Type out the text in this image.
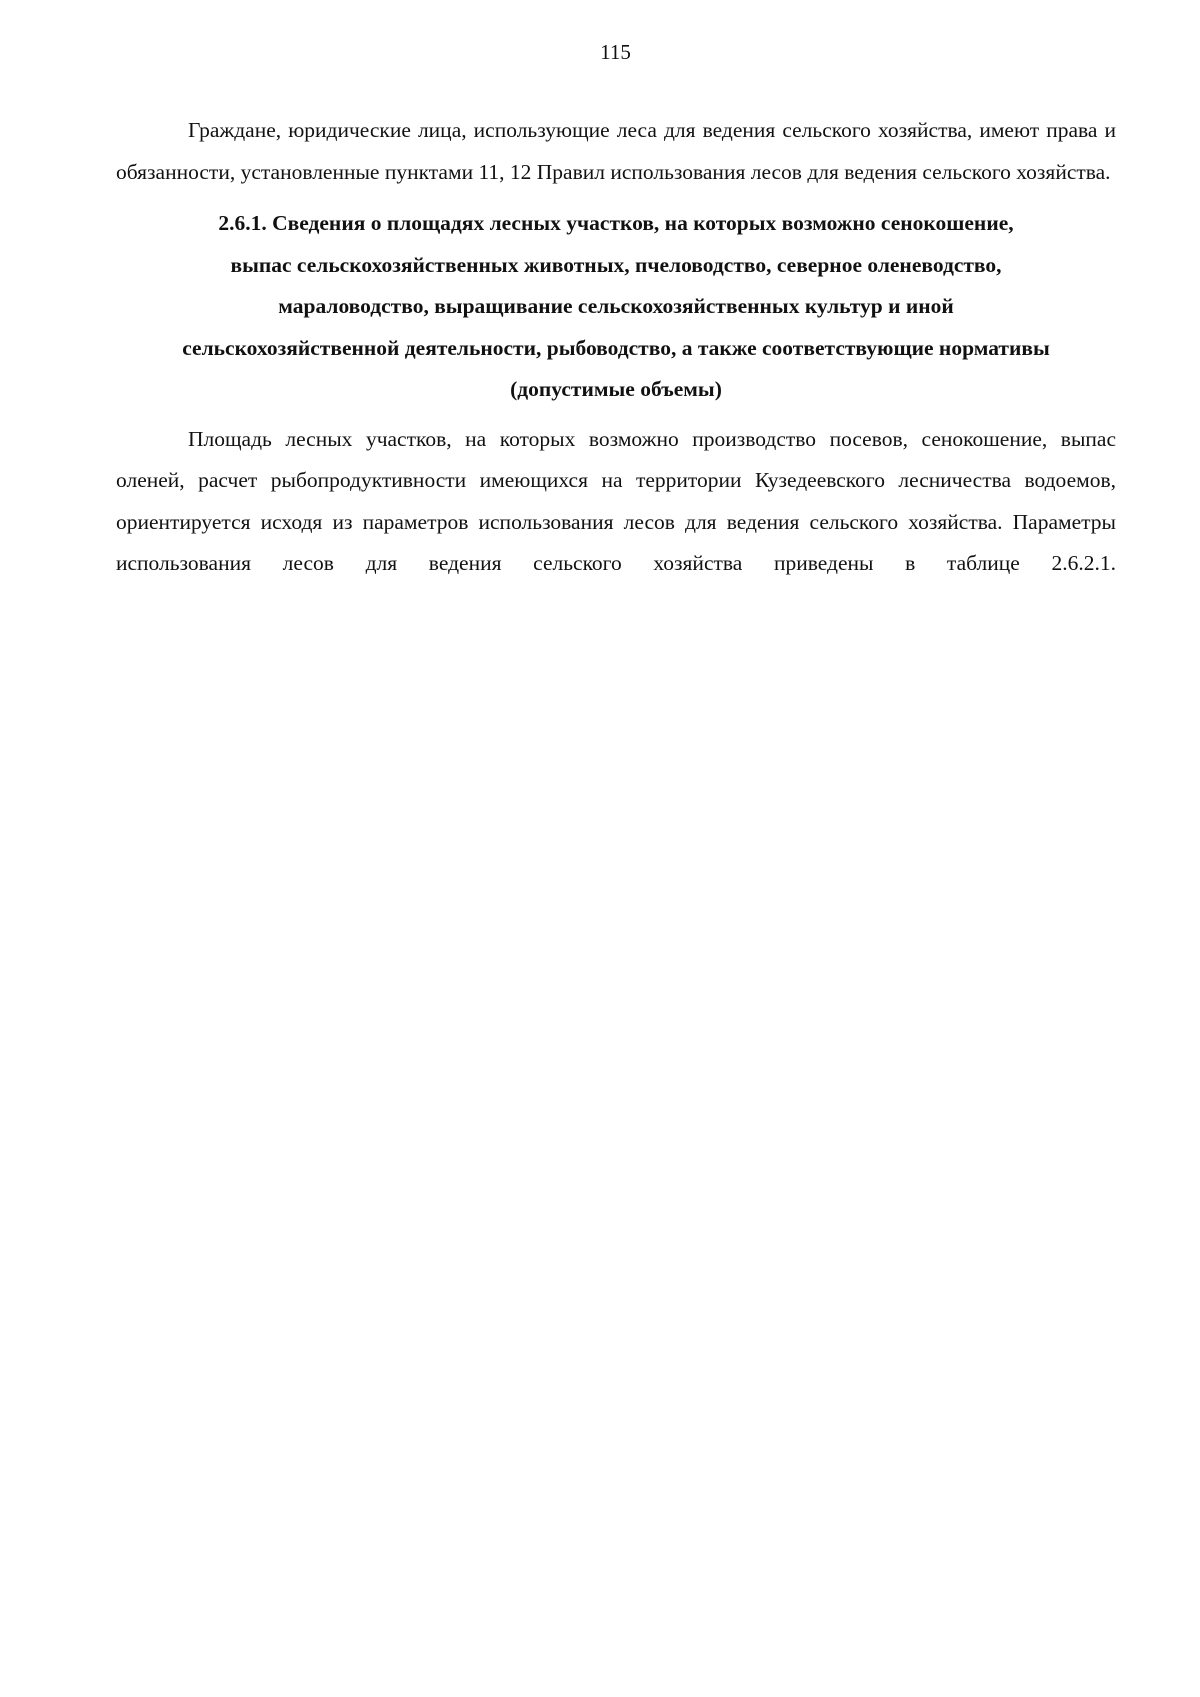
115

Граждане, юридические лица, использующие леса для ведения сельского хозяйства, имеют права и обязанности, установленные пунктами 11, 12 Правил использования лесов для ведения сельского хозяйства.

2.6.1. Сведения о площадях лесных участков, на которых возможно сенокошение,
выпас сельскохозяйственных животных, пчеловодство, северное оленеводство,
мараловодство, выращивание сельскохозяйственных культур и иной
сельскохозяйственной деятельности, рыбоводство, а также соответствующие нормативы
(допустимые объемы)

Площадь лесных участков, на которых возможно производство посевов, сенокошение, выпас оленей, расчет рыбопродуктивности имеющихся на территории Кузедеевского лесничества водоемов, ориентируется исходя из параметров использования лесов для ведения сельского хозяйства. Параметры использования лесов для ведения сельского хозяйства приведены в таблице 2.6.2.1.
